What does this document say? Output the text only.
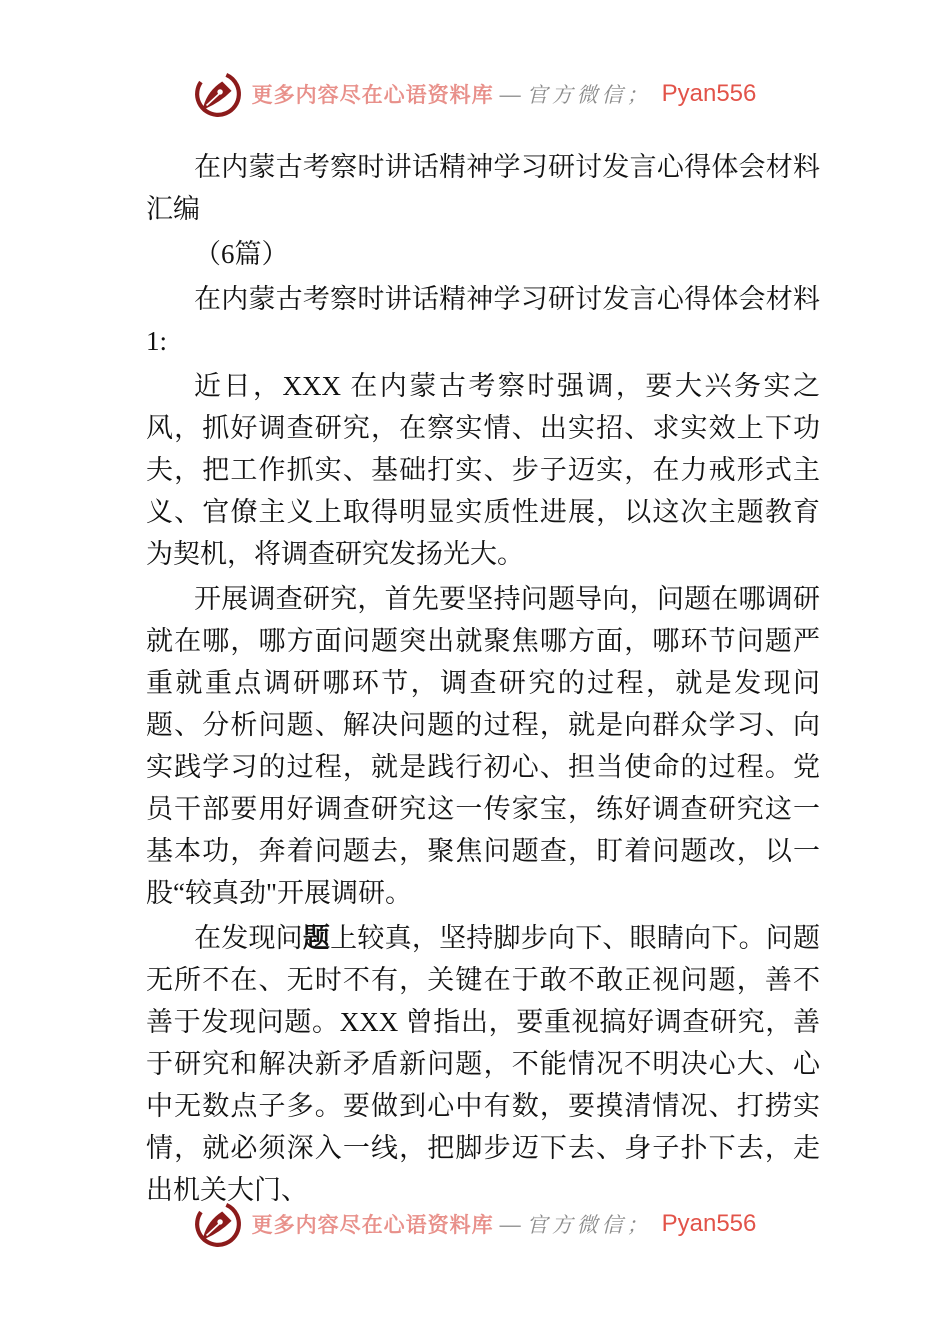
更多内容尽在心语资料库 — 官方微信； Pyan556

在内蒙古考察时讲话精神学习研讨发言心得体会材料汇编

（6篇）

在内蒙古考察时讲话精神学习研讨发言心得体会材料1:

近日，XXX 在内蒙古考察时强调，要大兴务实之风，抓好调查研究，在察实情、出实招、求实效上下功夫，把工作抓实、基础打实、步子迈实，在力戒形式主义、官僚主义上取得明显实质性进展，以这次主题教育为契机，将调查研究发扬光大。

开展调查研究，首先要坚持问题导向，问题在哪调研就在哪，哪方面问题突出就聚焦哪方面，哪环节问题严重就重点调研哪环节，调查研究的过程，就是发现问题、分析问题、解决问题的过程，就是向群众学习、向实践学习的过程，就是践行初心、担当使命的过程。党员干部要用好调查研究这一传家宝，练好调查研究这一基本功，奔着问题去，聚焦问题查，盯着问题改，以一股“较真劲"开展调研。

在发现问题上较真，坚持脚步向下、眼睛向下。问题无所不在、无时不有，关键在于敢不敢正视问题，善不善于发现问题。XXX 曾指出，要重视搞好调查研究，善于研究和解决新矛盾新问题，不能情况不明决心大、心中无数点子多。要做到心中有数，要摸清情况、打捞实情，就必须深入一线，把脚步迈下去、身子扑下去，走出机关大门、

更多内容尽在心语资料库 — 官方微信； Pyan556
